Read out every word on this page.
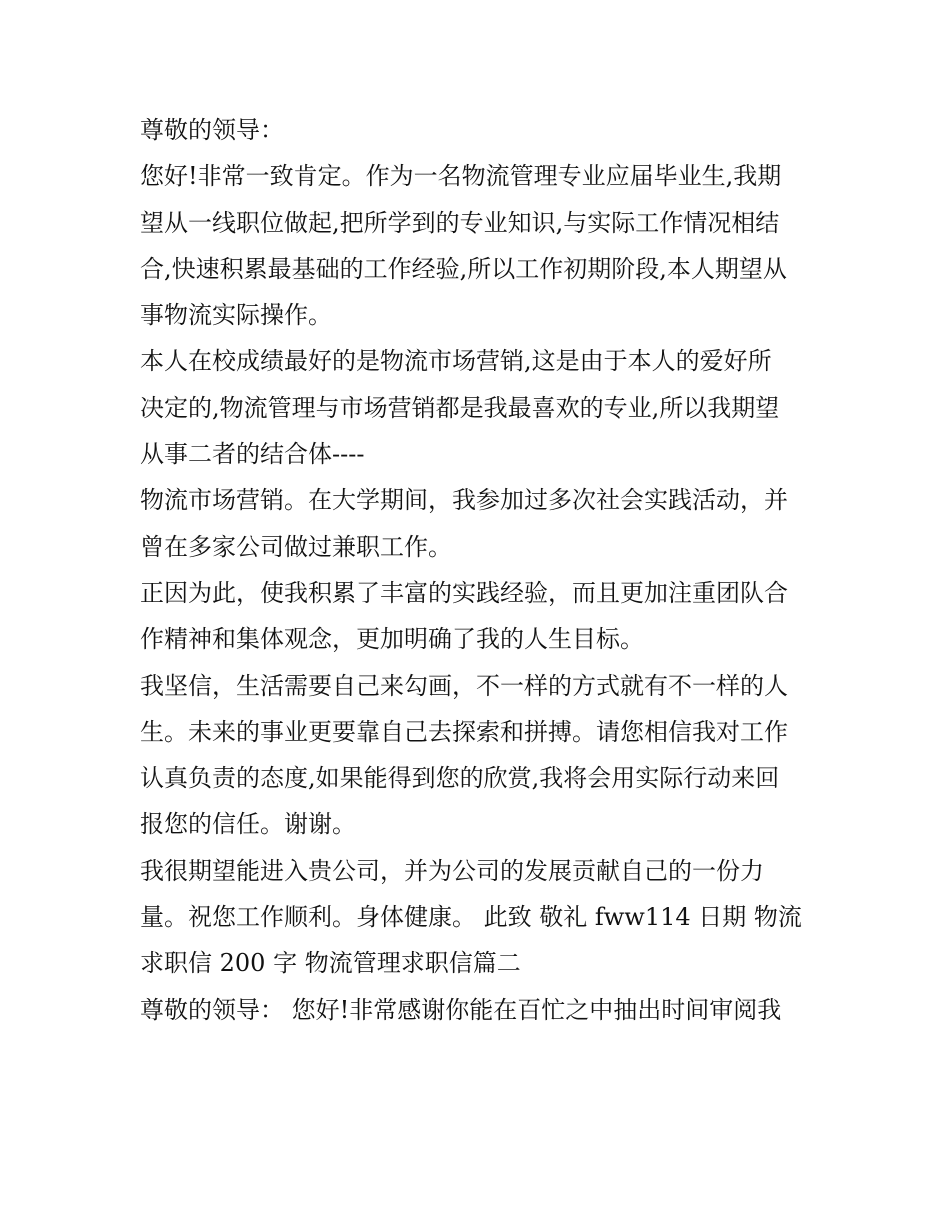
尊敬的领导：
您好!非常一致肯定。作为一名物流管理专业应届毕业生,我期
望从一线职位做起,把所学到的专业知识,与实际工作情况相结
合,快速积累最基础的工作经验,所以工作初期阶段,本人期望从
事物流实际操作。
本人在校成绩最好的是物流市场营销,这是由于本人的爱好所
决定的,物流管理与市场营销都是我最喜欢的专业,所以我期望
从事二者的结合体----
物流市场营销。在大学期间，我参加过多次社会实践活动，并
曾在多家公司做过兼职工作。
正因为此，使我积累了丰富的实践经验，而且更加注重团队合
作精神和集体观念，更加明确了我的人生目标。
我坚信，生活需要自己来勾画，不一样的方式就有不一样的人
生。未来的事业更要靠自己去探索和拼搏。请您相信我对工作
认真负责的态度,如果能得到您的欣赏,我将会用实际行动来回
报您的信任。谢谢。
我很期望能进入贵公司，并为公司的发展贡献自己的一份力
量。祝您工作顺利。身体健康。 此致 敬礼 fww114 日期 物流
求职信 200 字 物流管理求职信篇二
尊敬的领导： 您好!非常感谢你能在百忙之中抽出时间审阅我
